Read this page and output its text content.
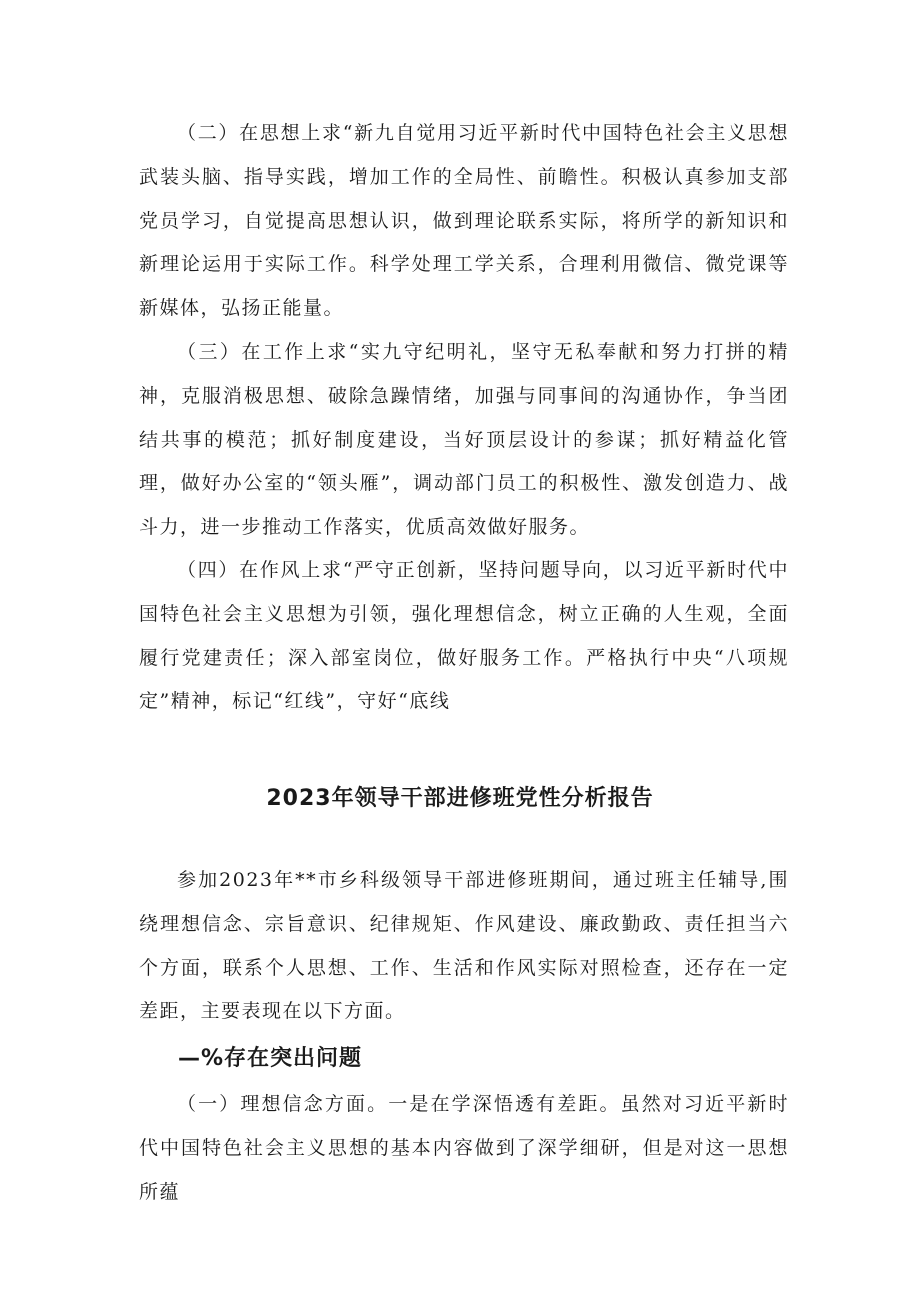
（二）在思想上求“新九自觉用习近平新时代中国特色社会主义思想武装头脑、指导实践，增加工作的全局性、前瞻性。积极认真参加支部党员学习，自觉提高思想认识，做到理论联系实际，将所学的新知识和新理论运用于实际工作。科学处理工学关系，合理利用微信、微党课等新媒体，弘扬正能量。

（三）在工作上求“实九守纪明礼，坚守无私奉献和努力打拼的精神，克服消极思想、破除急躁情绪，加强与同事间的沟通协作，争当团结共事的模范；抓好制度建设，当好顶层设计的参谋；抓好精益化管理，做好办公室的“领头雁”，调动部门员工的积极性、激发创造力、战斗力，进一步推动工作落实，优质高效做好服务。

（四）在作风上求“严守正创新，坚持问题导向，以习近平新时代中国特色社会主义思想为引领，强化理想信念，树立正确的人生观，全面履行党建责任；深入部室岗位，做好服务工作。严格执行中央“八项规定”精神，标记“红线”，守好“底线

2023年领导干部进修班党性分析报告

参加2023年**市乡科级领导干部进修班期间，通过班主任辅导,围绕理想信念、宗旨意识、纪律规矩、作风建设、廉政勤政、责任担当六个方面，联系个人思想、工作、生活和作风实际对照检查，还存在一定差距，主要表现在以下方面。

—%存在突出问题

（一）理想信念方面。一是在学深悟透有差距。虽然对习近平新时代中国特色社会主义思想的基本内容做到了深学细研，但是对这一思想所蕴
